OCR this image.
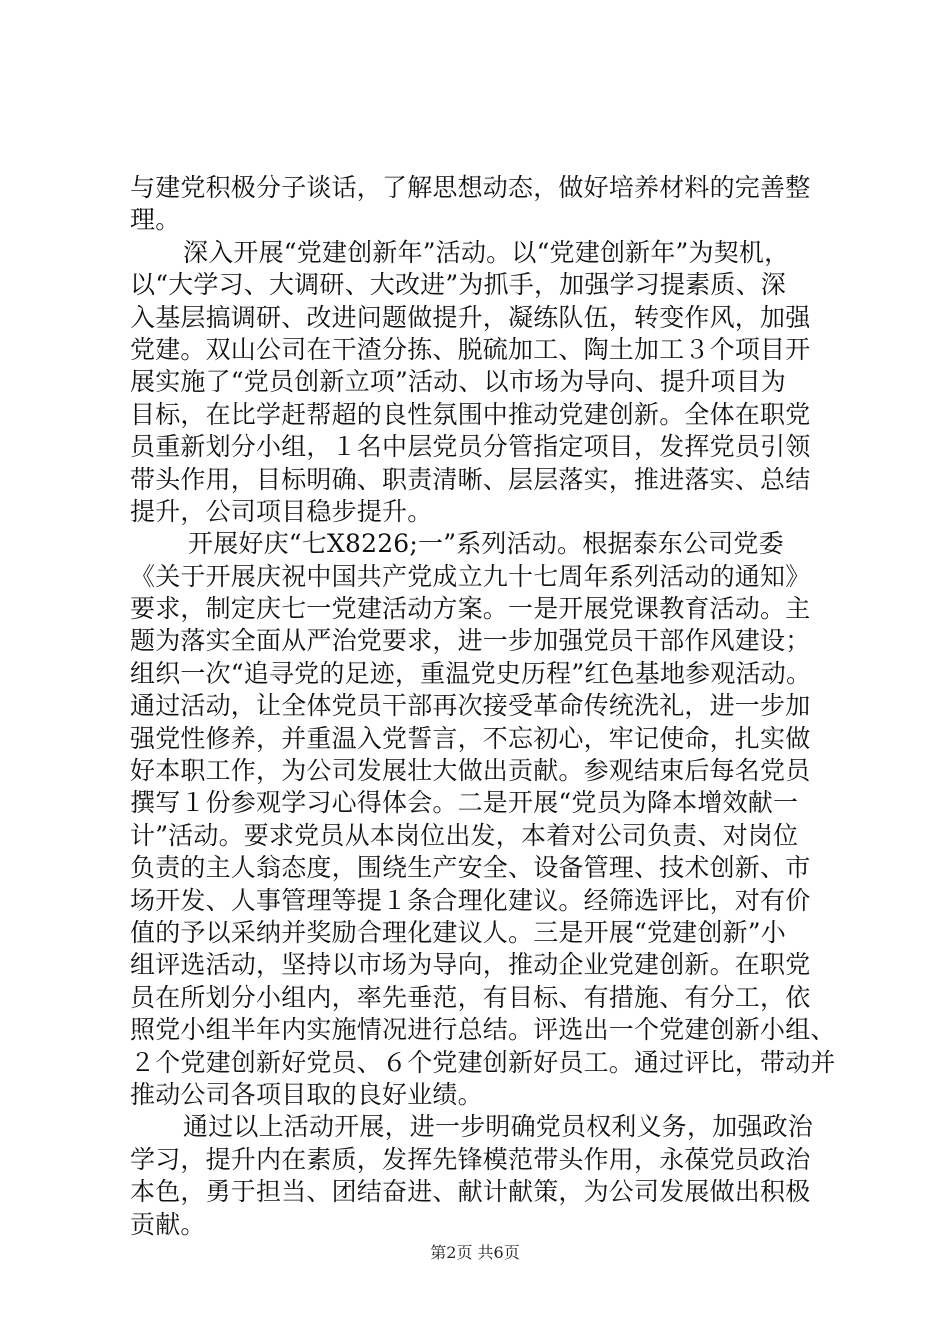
与建党积极分子谈话，了解思想动态，做好培养材料的完善整
理。
深入开展“党建创新年”活动。以“党建创新年”为契机，
以“大学习、大调研、大改进”为抓手，加强学习提素质、深
入基层搞调研、改进问题做提升，凝练队伍，转变作风，加强
党建。双山公司在干渣分拣、脱硫加工、陶土加工３个项目开
展实施了“党员创新立项”活动、以市场为导向、提升项目为
目标，在比学赶帮超的良性氛围中推动党建创新。全体在职党
员重新划分小组，１名中层党员分管指定项目，发挥党员引领
带头作用，目标明确、职责清晰、层层落实，推进落实、总结
提升，公司项目稳步提升。
开展好庆“七X8226;一”系列活动。根据泰东公司党委
《关于开展庆祝中国共产党成立九十七周年系列活动的通知》
要求，制定庆七一党建活动方案。一是开展党课教育活动。主
题为落实全面从严治党要求，进一步加强党员干部作风建设；
组织一次“追寻党的足迹，重温党史历程”红色基地参观活动。
通过活动，让全体党员干部再次接受革命传统洗礼，进一步加
强党性修养，并重温入党誓言，不忘初心，牢记使命，扎实做
好本职工作，为公司发展壮大做出贡献。参观结束后每名党员
撰写１份参观学习心得体会。二是开展“党员为降本增效献一
计”活动。要求党员从本岗位出发，本着对公司负责、对岗位
负责的主人翁态度，围绕生产安全、设备管理、技术创新、市
场开发、人事管理等提１条合理化建议。经筛选评比，对有价
值的予以采纳并奖励合理化建议人。三是开展“党建创新”小
组评选活动，坚持以市场为导向，推动企业党建创新。在职党
员在所划分小组内，率先垂范，有目标、有措施、有分工，依
照党小组半年内实施情况进行总结。评选出一个党建创新小组、
２个党建创新好党员、６个党建创新好员工。通过评比，带动并
推动公司各项目取的良好业绩。
通过以上活动开展，进一步明确党员权利义务，加强政治
学习，提升内在素质，发挥先锋模范带头作用，永葆党员政治
本色，勇于担当、团结奋进、献计献策，为公司发展做出积极
贡献。
第2页 共6页
